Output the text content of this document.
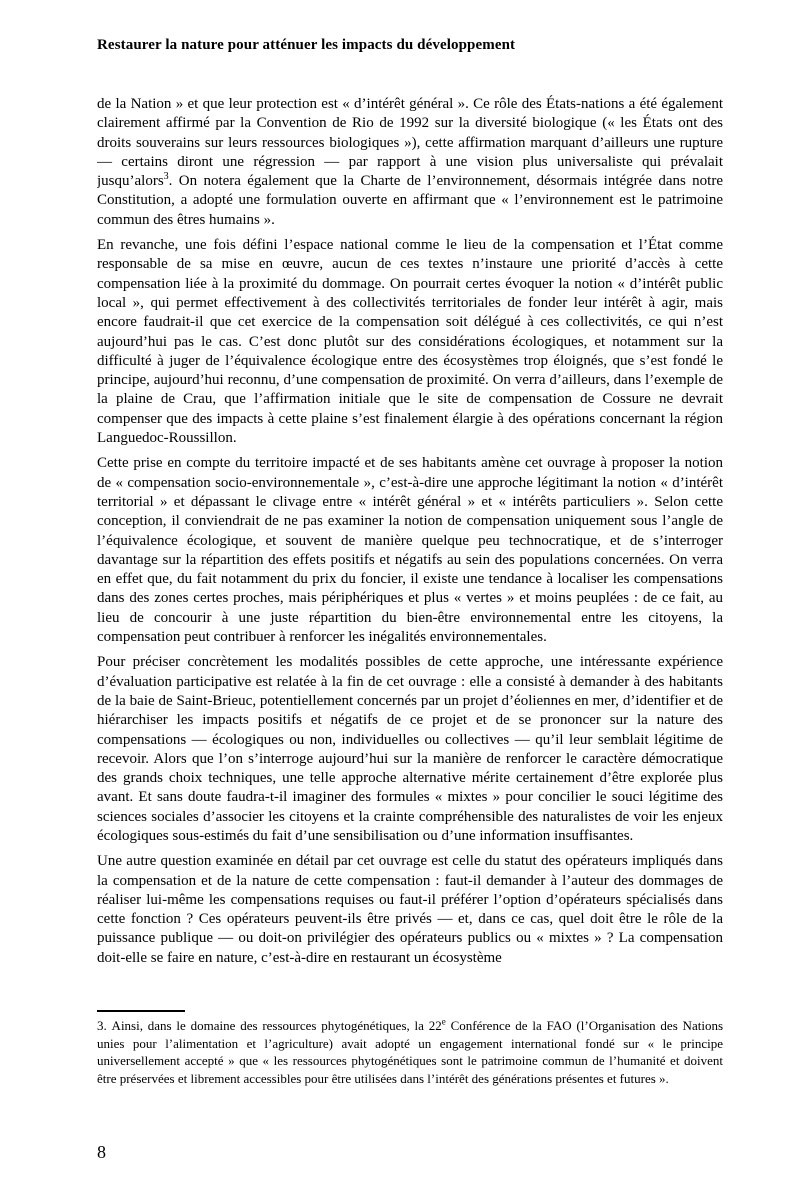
Restaurer la nature pour atténuer les impacts du développement

de la Nation » et que leur protection est « d’intérêt général ». Ce rôle des États-nations a été également clairement affirmé par la Convention de Rio de 1992 sur la diversité biologique (« les États ont des droits souverains sur leurs ressources biologiques »), cette affirmation marquant d’ailleurs une rupture — certains diront une régression — par rapport à une vision plus universaliste qui prévalait jusqu’alors$^3$. On notera également que la Charte de l’environnement, désormais intégrée dans notre Constitution, a adopté une formulation ouverte en affirmant que « l’environnement est le patrimoine commun des êtres humains ».

En revanche, une fois défini l’espace national comme le lieu de la compensation et l’État comme responsable de sa mise en œuvre, aucun de ces textes n’instaure une priorité d’accès à cette compensation liée à la proximité du dommage. On pourrait certes évoquer la notion « d’intérêt public local », qui permet effectivement à des collectivités territoriales de fonder leur intérêt à agir, mais encore faudrait-il que cet exercice de la compensation soit délégué à ces collectivités, ce qui n’est aujourd’hui pas le cas. C’est donc plutôt sur des considérations écologiques, et notamment sur la difficulté à juger de l’équivalence écologique entre des écosystèmes trop éloignés, que s’est fondé le principe, aujourd’hui reconnu, d’une compensation de proximité. On verra d’ailleurs, dans l’exemple de la plaine de Crau, que l’affirmation initiale que le site de compensation de Cossure ne devrait compenser que des impacts à cette plaine s’est finalement élargie à des opérations concernant la région Languedoc-Roussillon.

Cette prise en compte du territoire impacté et de ses habitants amène cet ouvrage à proposer la notion de « compensation socio-environnementale », c’est-à-dire une approche légitimant la notion « d’intérêt territorial » et dépassant le clivage entre « intérêt général » et « intérêts particuliers ». Selon cette conception, il conviendrait de ne pas examiner la notion de compensation uniquement sous l’angle de l’équivalence écologique, et souvent de manière quelque peu technocratique, et de s’interroger davantage sur la répartition des effets positifs et négatifs au sein des populations concernées. On verra en effet que, du fait notamment du prix du foncier, il existe une tendance à localiser les compensations dans des zones certes proches, mais périphériques et plus « vertes » et moins peuplées : de ce fait, au lieu de concourir à une juste répartition du bien-être environnemental entre les citoyens, la compensation peut contribuer à renforcer les inégalités environnementales.

Pour préciser concrètement les modalités possibles de cette approche, une intéressante expérience d’évaluation participative est relatée à la fin de cet ouvrage : elle a consisté à demander à des habitants de la baie de Saint-Brieuc, potentiellement concernés par un projet d’éoliennes en mer, d’identifier et de hiérarchiser les impacts positifs et négatifs de ce projet et de se prononcer sur la nature des compensations — écologiques ou non, individuelles ou collectives — qu’il leur semblait légitime de recevoir. Alors que l’on s’interroge aujourd’hui sur la manière de renforcer le caractère démocratique des grands choix techniques, une telle approche alternative mérite certainement d’être explorée plus avant. Et sans doute faudra-t-il imaginer des formules « mixtes » pour concilier le souci légitime des sciences sociales d’associer les citoyens et la crainte compréhensible des naturalistes de voir les enjeux écologiques sous-estimés du fait d’une sensibilisation ou d’une information insuffisantes.

Une autre question examinée en détail par cet ouvrage est celle du statut des opérateurs impliqués dans la compensation et de la nature de cette compensation : faut-il demander à l’auteur des dommages de réaliser lui-même les compensations requises ou faut-il préférer l’option d’opérateurs spécialisés dans cette fonction ? Ces opérateurs peuvent-ils être privés — et, dans ce cas, quel doit être le rôle de la puissance publique — ou doit-on privilégier des opérateurs publics ou « mixtes » ? La compensation doit-elle se faire en nature, c’est-à-dire en restaurant un écosystème

3. Ainsi, dans le domaine des ressources phytogénétiques, la 22e Conférence de la FAO (l’Organisation des Nations unies pour l’alimentation et l’agriculture) avait adopté un engagement international fondé sur « le principe universellement accepté » que « les ressources phytogénétiques sont le patrimoine commun de l’humanité et doivent être préservées et librement accessibles pour être utilisées dans l’intérêt des générations présentes et futures ».

8
